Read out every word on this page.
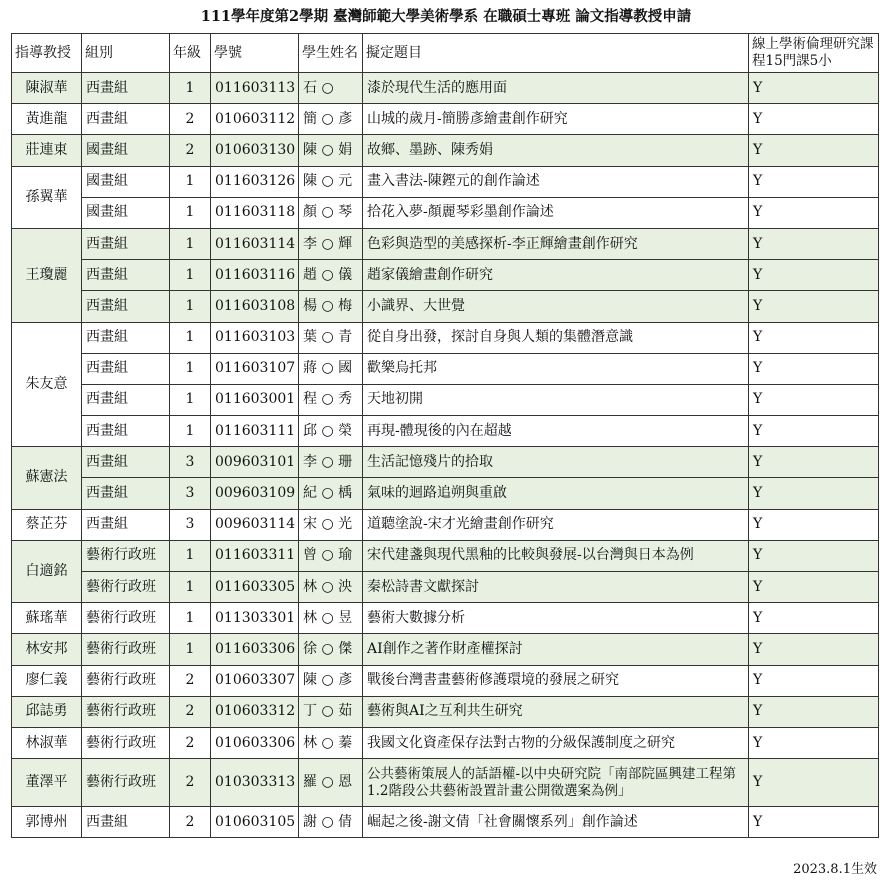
111學年度第2學期 臺灣師範大學美術學系 在職碩士專班 論文指導教授申請
指導教授	組別	年級	學號	學生姓名	擬定題目	線上學術倫理研究課程15門課5小
陳淑華	西畫組	1	011603113	石 ○	漆於現代生活的應用面	Y
黃進龍	西畫組	2	010603112	簡 ○ 彥	山城的歲月-簡勝彥繪畫創作研究	Y
莊連東	國畫組	2	010603130	陳 ○ 娟	故鄉、墨跡、陳秀娟	Y
孫翼華	國畫組	1	011603126	陳 ○ 元	畫入書法-陳鏗元的創作論述	Y
	國畫組	1	011603118	顏 ○ 琴	拾花入夢-顏麗琴彩墨創作論述	Y
王瓊麗	西畫組	1	011603114	李 ○ 輝	色彩與造型的美感探析-李正輝繪畫創作研究	Y
	西畫組	1	011603116	趙 ○ 儀	趙家儀繪畫創作研究	Y
	西畫組	1	011603108	楊 ○ 梅	小識界、大世覺	Y
朱友意	西畫組	1	011603103	葉 ○ 青	從自身出發，探討自身與人類的集體潛意識	Y
	西畫組	1	011603107	蔣 ○ 國	歡樂烏托邦	Y
	西畫組	1	011603001	程 ○ 秀	天地初開	Y
	西畫組	1	011603111	邱 ○ 榮	再現-體現後的內在超越	Y
蘇憲法	西畫組	3	009603101	李 ○ 珊	生活記憶殘片的拾取	Y
	西畫組	3	009603109	紀 ○ 楀	氣味的迴路追朔與重啟	Y
蔡芷芬	西畫組	3	009603114	宋 ○ 光	道聽塗說-宋才光繪畫創作研究	Y
白適銘	藝術行政班	1	011603311	曾 ○ 瑜	宋代建盞與現代黑釉的比較與發展-以台灣與日本為例	Y
	藝術行政班	1	011603305	林 ○ 泱	秦松詩書文獻探討	Y
蘇瑤華	藝術行政班	1	011303301	林 ○ 昱	藝術大數據分析	Y
林安邦	藝術行政班	1	011603306	徐 ○ 傑	AI創作之著作財產權探討	Y
廖仁義	藝術行政班	2	010603307	陳 ○ 彥	戰後台灣書畫藝術修護環境的發展之研究	Y
邱誌勇	藝術行政班	2	010603312	丁 ○ 茹	藝術與AI之互利共生研究	Y
林淑華	藝術行政班	2	010603306	林 ○ 蓁	我國文化資產保存法對古物的分級保護制度之研究	Y
董澤平	藝術行政班	2	010303313	羅 ○ 恩	公共藝術策展人的話語權-以中央研究院「南部院區興建工程第1.2階段公共藝術設置計畫公開徵選案為例」	Y
郭博州	西畫組	2	010603105	謝 ○ 倩	崛起之後-謝文倩「社會關懷系列」創作論述	Y
2023.8.1生效
